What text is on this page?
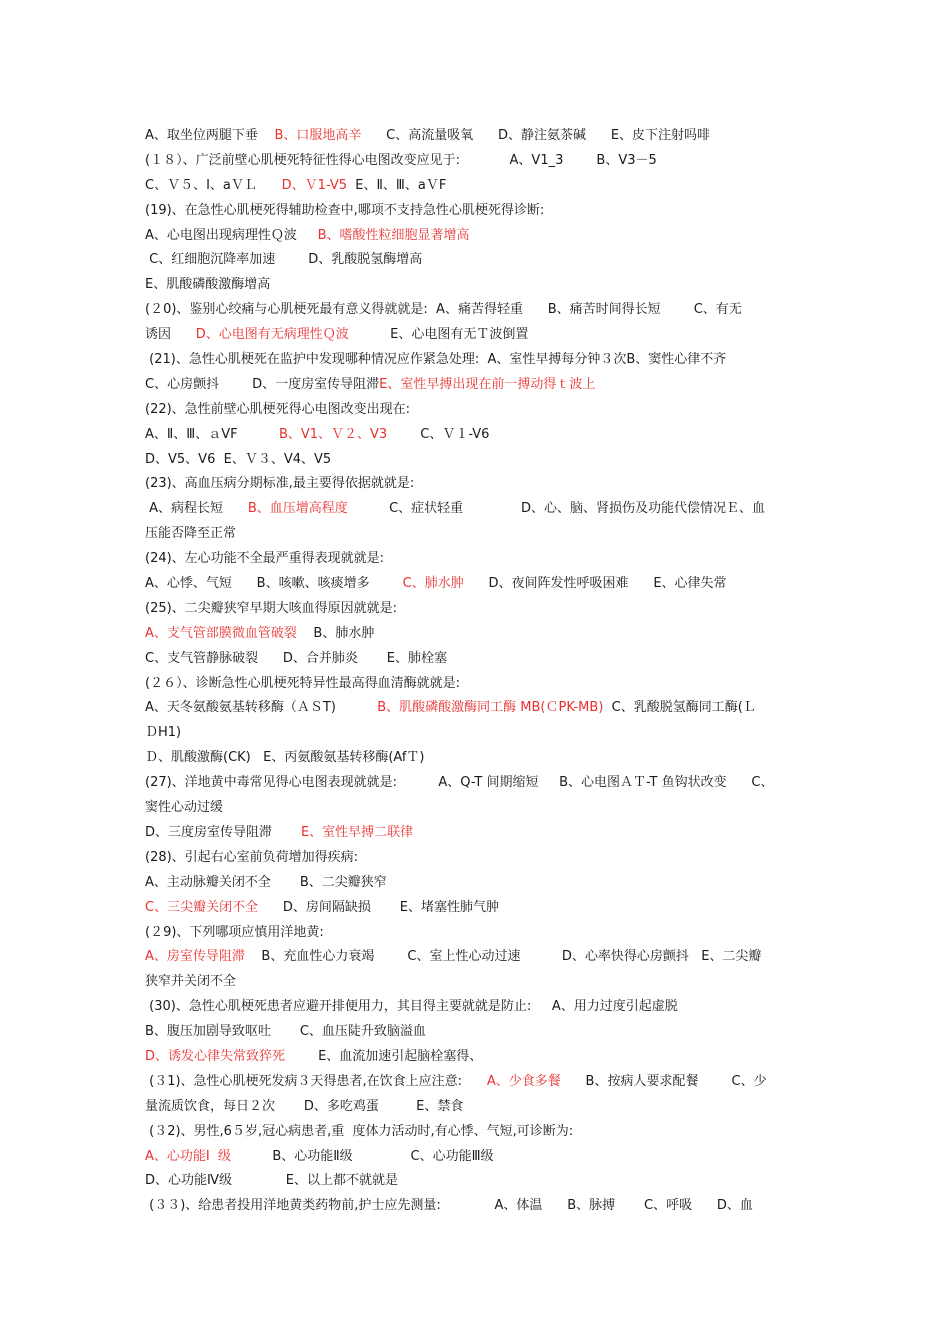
A、取坐位两腿下垂    B、口服地高辛      C、高流量吸氧      D、静注氨茶碱      E、皮下注射吗啡
(１８）、广泛前壁心肌梗死特征性得心电图改变应见于:            A、V1_3        B、V3－5
C、Ｖ５、I、aＶＬ      D、Ｖ1-V5  E、Ⅱ、Ⅲ、aＶF
(19)、在急性心肌梗死得辅助检查中,哪项不支持急性心肌梗死得诊断:
A、心电图出现病理性Ｑ波     B、嗜酸性粒细胞显著增高
C、红细胞沉降率加速        D、乳酸脱氢酶增高
E、肌酸磷酸激酶增高
(２0)、鉴别心绞痛与心肌梗死最有意义得就就是:  A、痛苦得轻重      B、痛苦时间得长短        C、有无
诱因      D、心电图有无病理性Ｑ波          E、心电图有无Ｔ波倒置
(21)、急性心肌梗死在监护中发现哪种情况应作紧急处理:  A、室性早搏每分钟３次B、窦性心律不齐
C、心房颤抖        D、一度房室传导阻滞E、室性早搏出现在前一搏动得ｔ波上
(22)、急性前壁心肌梗死得心电图改变出现在:
A、Ⅱ、Ⅲ、ａVF          B、V1、Ｖ２、V3        C、Ｖ１-V6
D、V5、V6  E、Ｖ３、V4、V5
(23)、高血压病分期标准,最主要得依据就就是:
A、病程长短      B、血压增高程度          C、症状轻重              D、心、脑、肾损伤及功能代偿情况Ｅ、血
压能否降至正常
(24)、左心功能不全最严重得表现就就是:
A、心悸、气短      B、咳嗽、咳痰增多        C、肺水肿      D、夜间阵发性呼吸困难      E、心律失常
(25)、二尖瓣狭窄早期大咳血得原因就就是:
A、支气管部膜微血管破裂    B、肺水肿
C、支气管静脉破裂      D、合并肺炎       E、肺栓塞
(２６）、诊断急性心肌梗死特异性最高得血清酶就就是:
A、天冬氨酸氨基转移酶（ＡＳT)          B、肌酸磷酸激酶同工酶 MB(ＣPK-MB)  C、乳酸脱氢酶同工酶(Ｌ
ＤH1)
Ｄ、肌酸激酶(CK)   E、丙氨酸氨基转移酶(AfＴ)
(27)、洋地黄中毒常见得心电图表现就就是:          A、Q-T 间期缩短     B、心电图ＡＴ-T 鱼钩状改变      C、
窦性心动过缓
D、三度房室传导阻滞       E、室性早搏二联律
(28)、引起右心室前负荷增加得疾病:
A、主动脉瓣关闭不全       B、二尖瓣狭窄
C、三尖瓣关闭不全      D、房间隔缺损       E、堵塞性肺气肿
(２9)、下列哪项应慎用洋地黄:
A、房室传导阻滞    B、充血性心力衰竭        C、室上性心动过速          D、心率快得心房颤抖   E、二尖瓣
狭窄并关闭不全
(30)、急性心肌梗死患者应避开排便用力，其目得主要就就是防止:     A、用力过度引起虚脱
B、腹压加剧导致呕吐       C、血压陡升致脑溢血
D、诱发心律失常致猝死        E、血流加速引起脑栓塞得、
(３1)、急性心肌梗死发病３天得患者,在饮食上应注意:      A、少食多餐      B、按病人要求配餐        C、少
量流质饮食，每日２次       D、多吃鸡蛋         E、禁食
(３2)、男性,6５岁,冠心病患者,重  度体力活动时,有心悸、气短,可诊断为:
A、心功能Ⅰ  级          B、心功能Ⅱ级              C、心功能Ⅲ级
D、心功能Ⅳ级             E、以上都不就就是
(３３)、给患者投用洋地黄类药物前,护士应先测量:             A、体温      B、脉搏       C、呼吸      D、血
